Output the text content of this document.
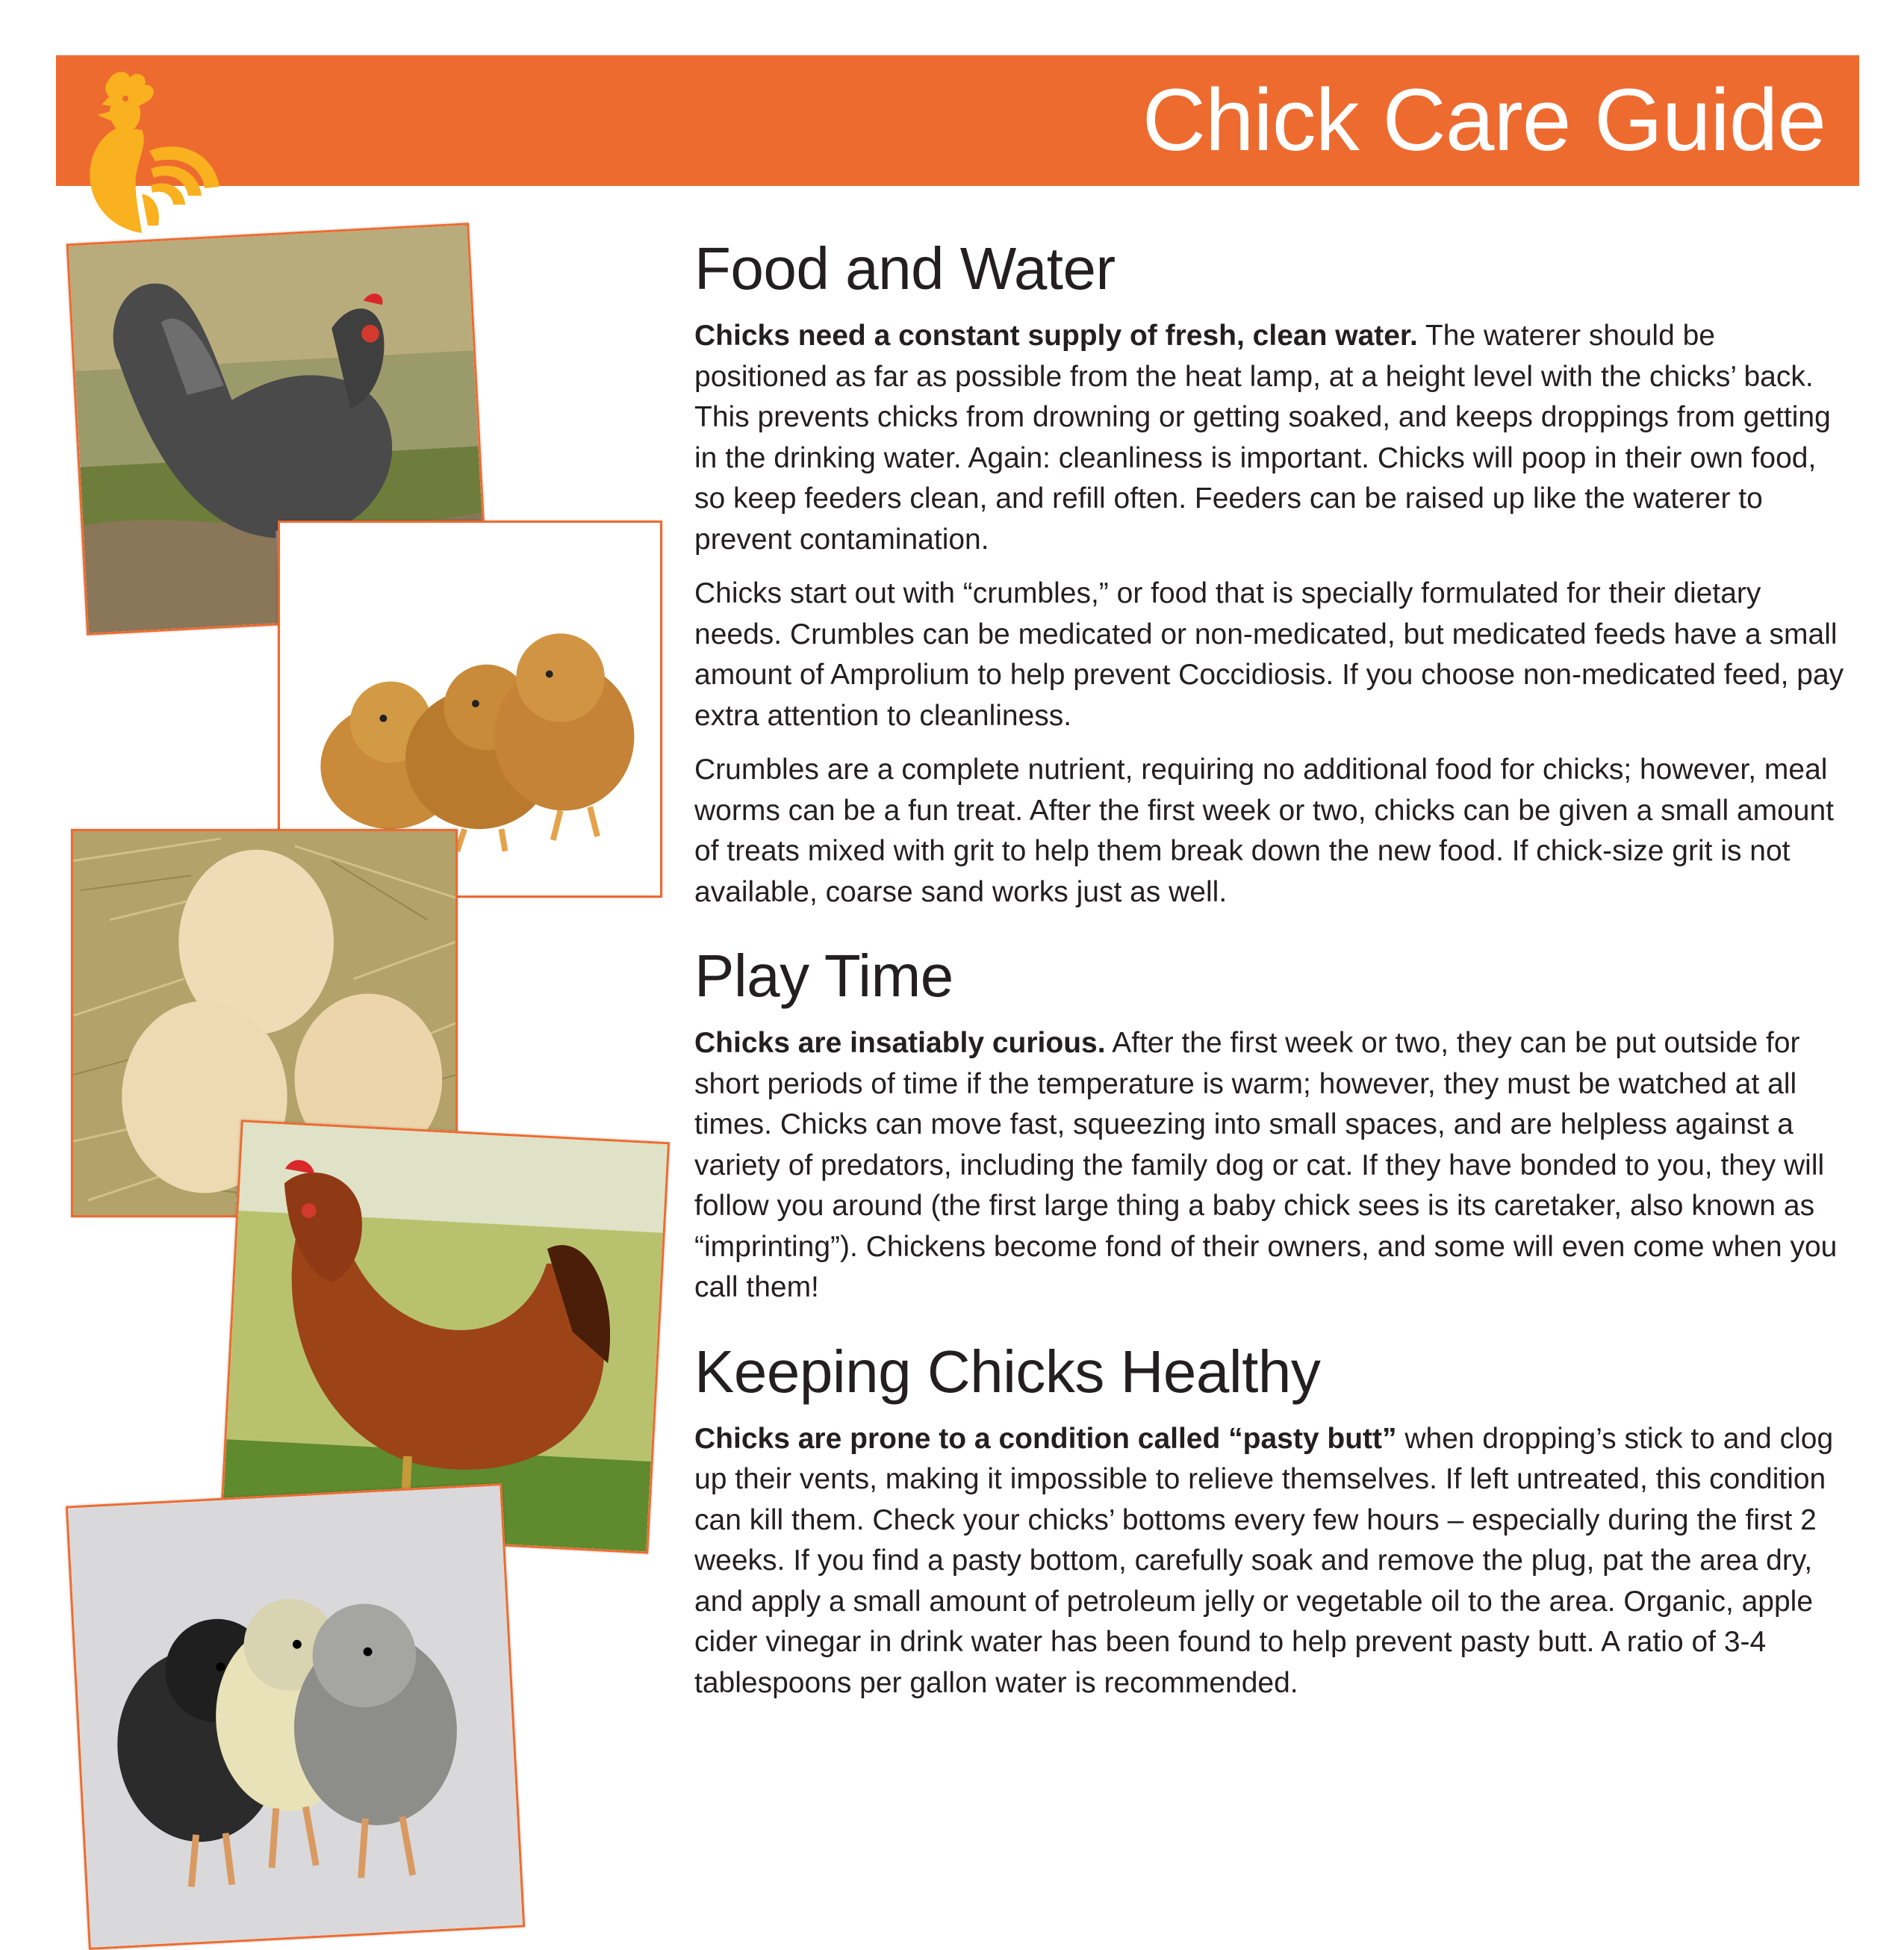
Chick Care Guide
Food and Water

Chicks need a constant supply of fresh, clean water. The waterer should be positioned as far as possible from the heat lamp, at a height level with the chicks’ back. This prevents chicks from drowning or getting soaked, and keeps droppings from getting in the drinking water. Again: cleanliness is important. Chicks will poop in their own food, so keep feeders clean, and refill often. Feeders can be raised up like the waterer to prevent contamination.

Chicks start out with “crumbles,” or food that is specially formulated for their dietary needs. Crumbles can be medicated or non-medicated, but medicated feeds have a small amount of Amprolium to help prevent Coccidiosis. If you choose non-medicated feed, pay extra attention to cleanliness.

Crumbles are a complete nutrient, requiring no additional food for chicks; however, meal worms can be a fun treat. After the first week or two, chicks can be given a small amount of treats mixed with grit to help them break down the new food. If chick-size grit is not available, coarse sand works just as well.

Play Time

Chicks are insatiably curious. After the first week or two, they can be put outside for short periods of time if the temperature is warm; however, they must be watched at all times. Chicks can move fast, squeezing into small spaces, and are helpless against a variety of predators, including the family dog or cat. If they have bonded to you, they will follow you around (the first large thing a baby chick sees is its caretaker, also known as “imprinting”). Chickens become fond of their owners, and some will even come when you call them!

Keeping Chicks Healthy

Chicks are prone to a condition called “pasty butt” when dropping’s stick to and clog up their vents, making it impossible to relieve themselves. If left untreated, this condition can kill them. Check your chicks’ bottoms every few hours – especially during the first 2 weeks. If you find a pasty bottom, carefully soak and remove the plug, pat the area dry, and apply a small amount of petroleum jelly or vegetable oil to the area. Organic, apple cider vinegar in drink water has been found to help prevent pasty butt. A ratio of 3-4 tablespoons per gallon water is recommended.
